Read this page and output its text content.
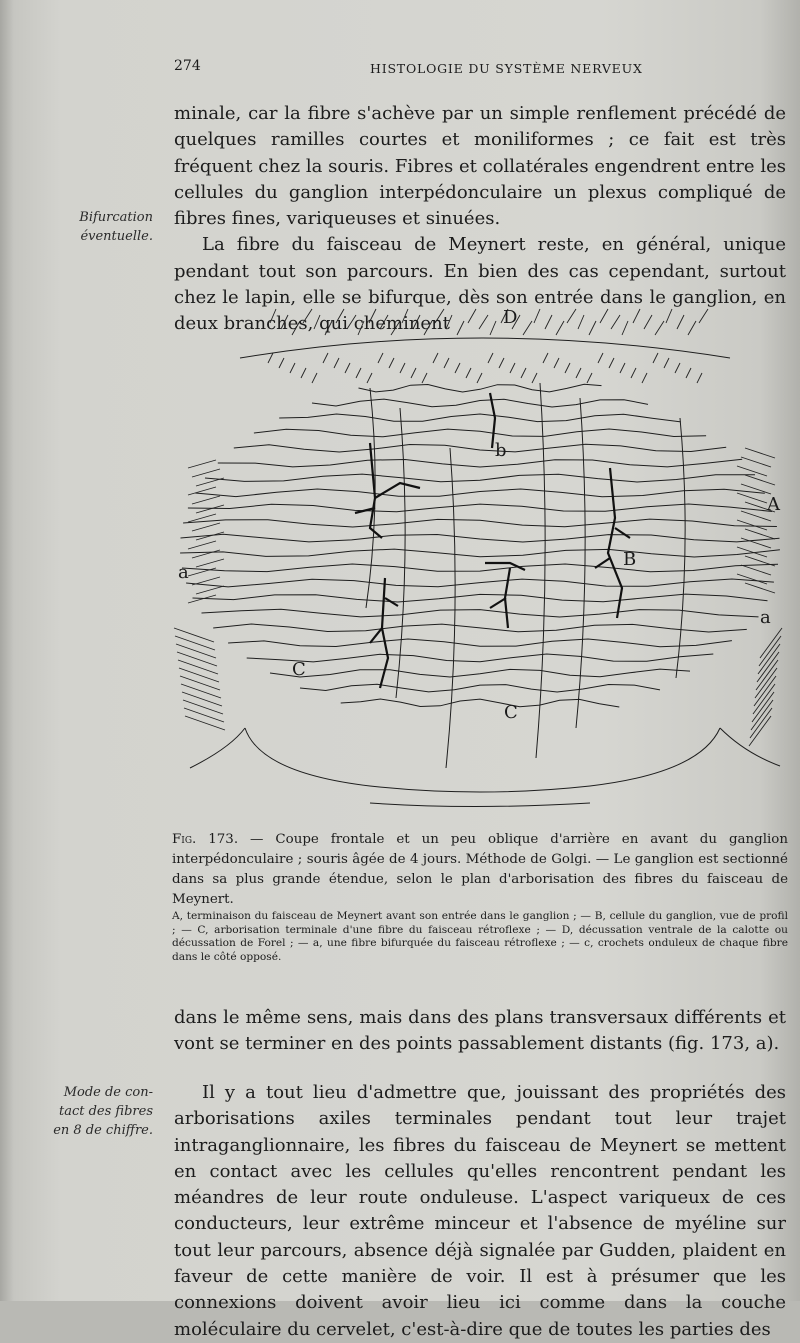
274	HISTOLOGIE DU SYSTÈME NERVEUX
Bifurcation
éventuelle.
Mode de con-
tact des fibres
en 8 de chiffre.

minale, car la fibre s'achève par un simple renflement précédé de quelques ramilles courtes et moniliformes ; ce fait est très fréquent chez la souris. Fibres et collatérales engendrent entre les cellules du ganglion interpédonculaire un plexus compliqué de fibres fines, variqueuses et sinuées.

La fibre du faisceau de Meynert reste, en général, unique pendant tout son parcours. En bien des cas cependant, surtout chez le lapin, elle se bifurque, dès son entrée dans le ganglion, en deux branches, qui cheminent	D
b
A
a
B
a
C
C
Fig. 173. — Coupe frontale et un peu oblique d'arrière en avant du ganglion interpédonculaire ; souris âgée de 4 jours. Méthode de Golgi. — Le ganglion est sectionné dans sa plus grande étendue, selon le plan d'arborisation des fibres du faisceau de Meynert.
A, terminaison du faisceau de Meynert avant son entrée dans le ganglion ; — B, cellule du ganglion, vue de profil ; — C, arborisation terminale d'une fibre du faisceau rétroflexe ; — D, décussation ventrale de la calotte ou décussation de Forel ; — a, une fibre bifurquée du faisceau rétroflexe ; — c, crochets onduleux de chaque fibre dans le côté opposé.

dans le même sens, mais dans des plans transversaux différents et vont se terminer en des points passablement distants (fig. 173, a).

Il y a tout lieu d'admettre que, jouissant des propriétés des arborisations axiles terminales pendant tout leur trajet intraganglionnaire, les fibres du faisceau de Meynert se mettent en contact avec les cellules qu'elles rencontrent pendant les méandres de leur route onduleuse. L'aspect variqueux de ces conducteurs, leur extrême minceur et l'absence de myéline sur tout leur parcours, absence déjà signalée par Gudden, plaident en faveur de cette manière de voir. Il est à présumer que les connexions doivent avoir lieu ici comme dans la couche moléculaire du cervelet, c'est-à-dire que de toutes les parties des
